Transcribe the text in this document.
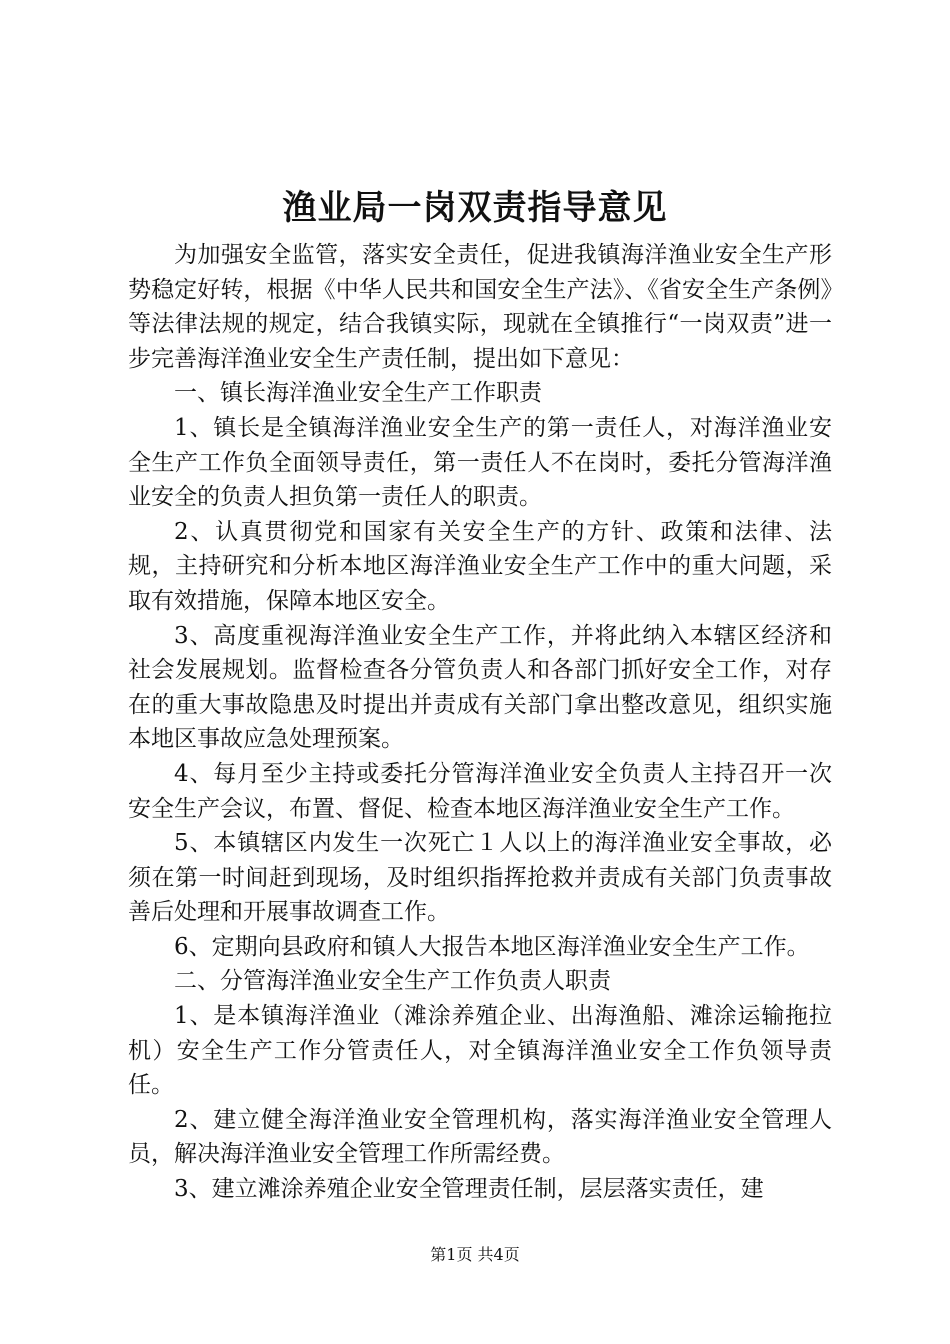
渔业局一岗双责指导意见

为加强安全监管，落实安全责任，促进我镇海洋渔业安全生产形势稳定好转，根据《中华人民共和国安全生产法》、《省安全生产条例》等法律法规的规定，结合我镇实际，现就在全镇推行“一岗双责”进一步完善海洋渔业安全生产责任制，提出如下意见：

一、镇长海洋渔业安全生产工作职责

1、镇长是全镇海洋渔业安全生产的第一责任人，对海洋渔业安全生产工作负全面领导责任，第一责任人不在岗时，委托分管海洋渔业安全的负责人担负第一责任人的职责。

2、认真贯彻党和国家有关安全生产的方针、政策和法律、法规，主持研究和分析本地区海洋渔业安全生产工作中的重大问题，采取有效措施，保障本地区安全。

3、高度重视海洋渔业安全生产工作，并将此纳入本辖区经济和社会发展规划。监督检查各分管负责人和各部门抓好安全工作，对存在的重大事故隐患及时提出并责成有关部门拿出整改意见，组织实施本地区事故应急处理预案。

4、每月至少主持或委托分管海洋渔业安全负责人主持召开一次安全生产会议，布置、督促、检查本地区海洋渔业安全生产工作。

5、本镇辖区内发生一次死亡１人以上的海洋渔业安全事故，必须在第一时间赶到现场，及时组织指挥抢救并责成有关部门负责事故善后处理和开展事故调查工作。

6、定期向县政府和镇人大报告本地区海洋渔业安全生产工作。

二、分管海洋渔业安全生产工作负责人职责

1、是本镇海洋渔业（滩涂养殖企业、出海渔船、滩涂运输拖拉机）安全生产工作分管责任人，对全镇海洋渔业安全工作负领导责任。

2、建立健全海洋渔业安全管理机构，落实海洋渔业安全管理人员，解决海洋渔业安全管理工作所需经费。

3、建立滩涂养殖企业安全管理责任制，层层落实责任，建

第1页 共4页
